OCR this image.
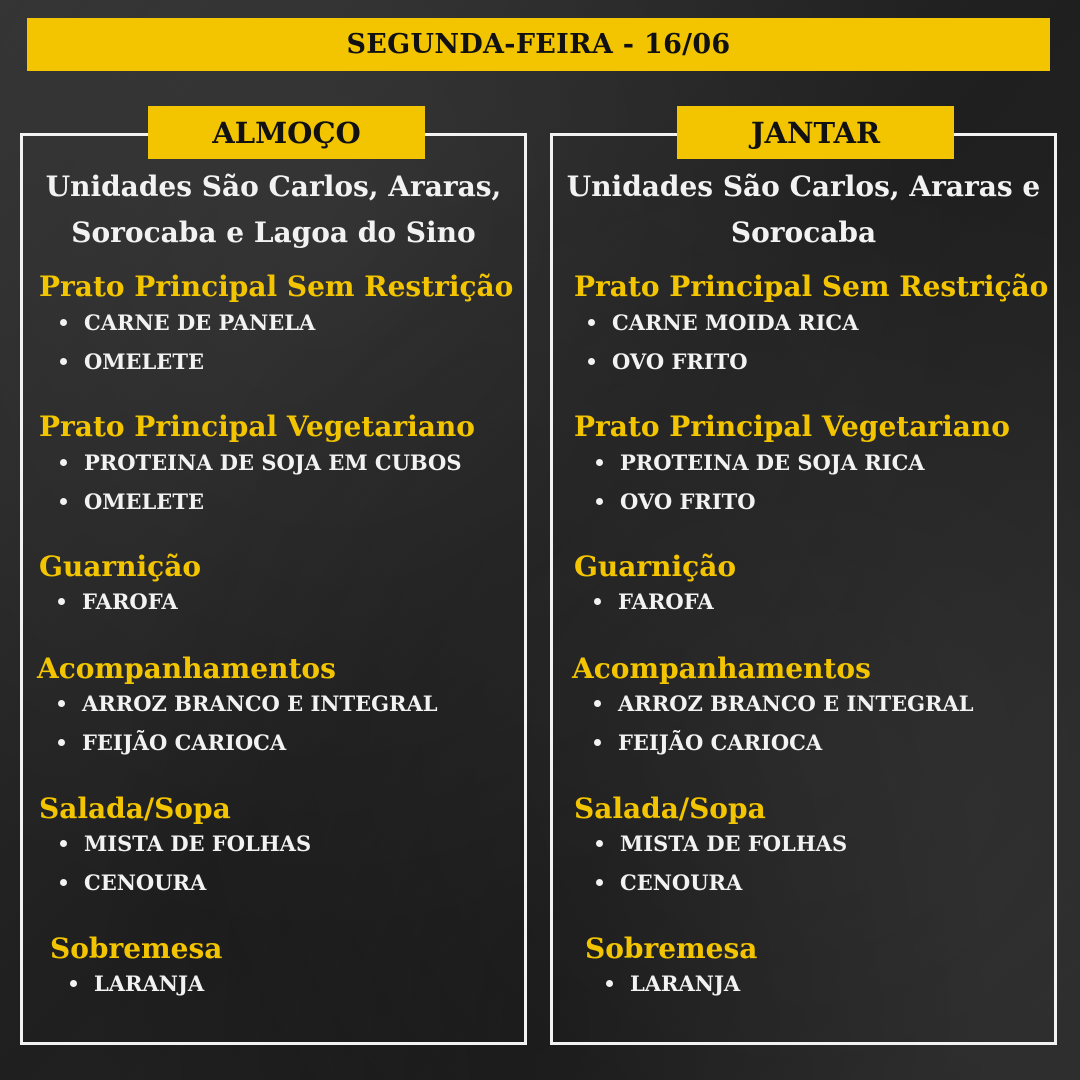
SEGUNDA-FEIRA - 16/06
ALMOÇO	JANTAR
Unidades São Carlos, Araras,
Sorocaba e Lagoa do Sino
Unidades São Carlos, Araras e
Sorocaba
Prato Principal Sem Restrição
CARNE DE PANELA
OMELETE
Prato Principal Vegetariano
PROTEINA DE SOJA EM CUBOS
OMELETE
Guarnição
FAROFA
Acompanhamentos
ARROZ BRANCO E INTEGRAL
FEIJÃO CARIOCA
Salada/Sopa
MISTA DE FOLHAS
CENOURA
Sobremesa
LARANJA
Prato Principal Sem Restrição
CARNE MOIDA RICA
OVO FRITO
Prato Principal Vegetariano
PROTEINA DE SOJA RICA
OVO FRITO
Guarnição
FAROFA
Acompanhamentos
ARROZ BRANCO E INTEGRAL
FEIJÃO CARIOCA
Salada/Sopa
MISTA DE FOLHAS
CENOURA
Sobremesa
LARANJA
